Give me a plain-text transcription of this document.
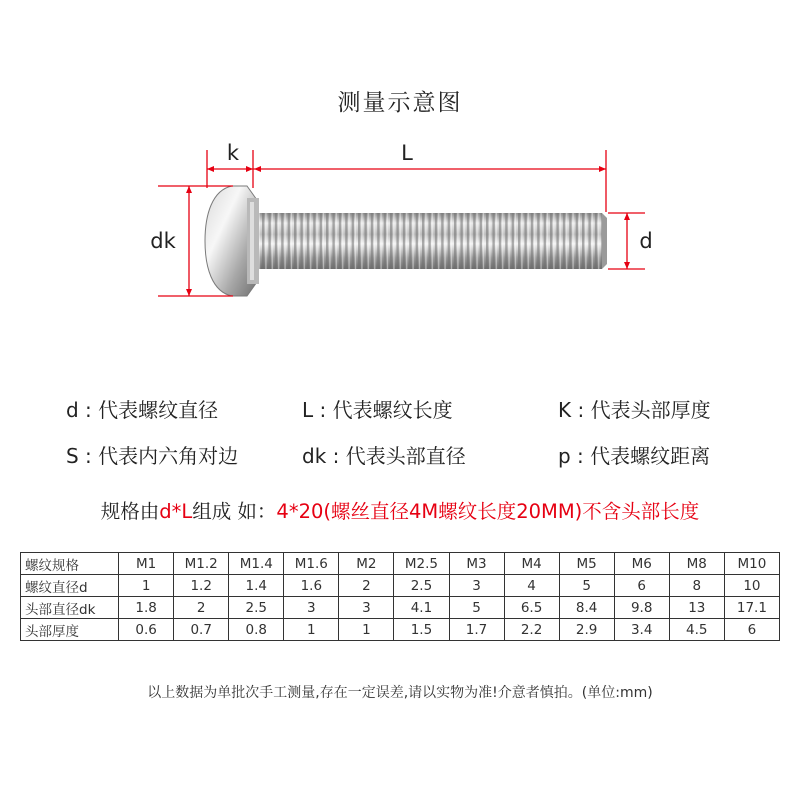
测量示意图
k	L
dk	d
d : 代表螺纹直径	L : 代表螺纹长度	K : 代表头部厚度
S : 代表内六角对边	dk : 代表头部直径	p : 代表螺纹距离
规格由d*L组成 如：4*20(螺丝直径4M螺纹长度20MM)不含头部长度
螺纹规格	M1	M1.2	M1.4	M1.6	M2	M2.5	M3	M4	M5	M6	M8	M10
螺纹直径d	1	1.2	1.4	1.6	2	2.5	3	4	5	6	8	10
头部直径dk	1.8	2	2.5	3	3	4.1	5	6.5	8.4	9.8	13	17.1
头部厚度	0.6	0.7	0.8	1	1	1.5	1.7	2.2	2.9	3.4	4.5	6
以上数据为单批次手工测量,存在一定误差,请以实物为准!介意者慎拍。(单位:mm)
